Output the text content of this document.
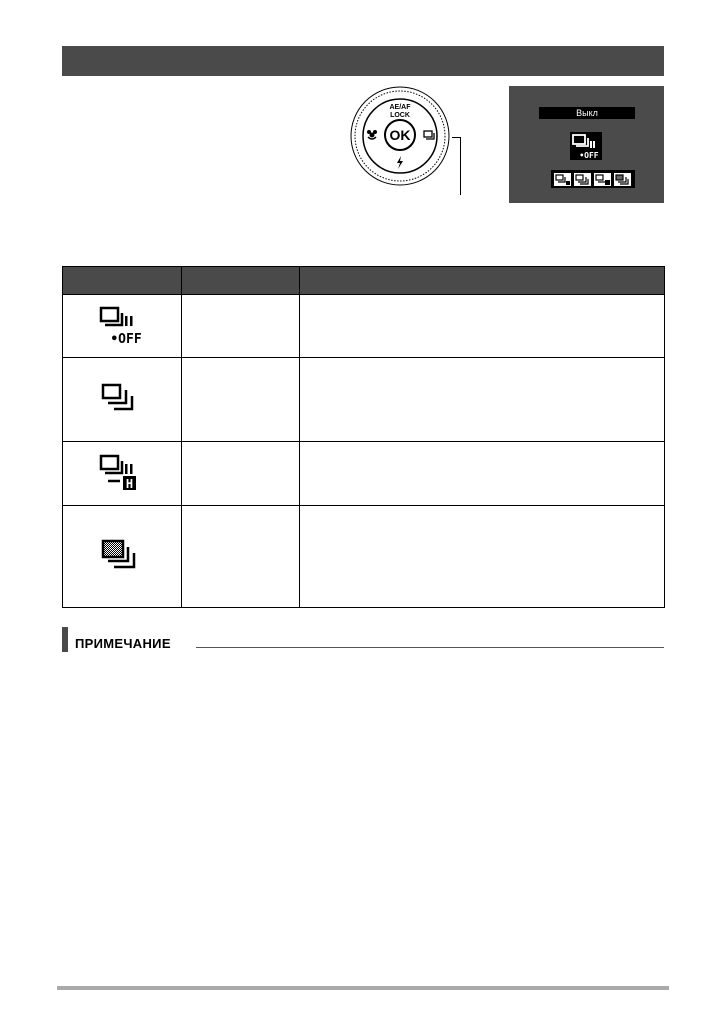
AE/AF
LOCK
OK
Выкл
•OFF

•OFF		

H		

ПРИМЕЧАНИЕ
